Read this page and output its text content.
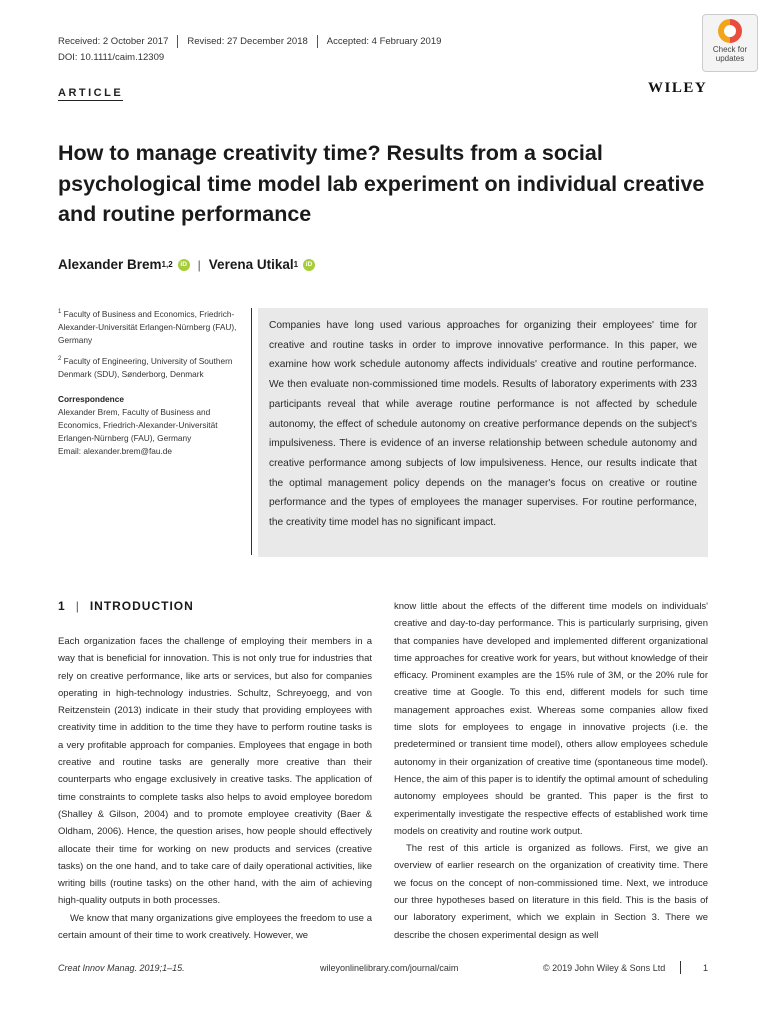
Received: 2 October 2017	Revised: 27 December 2018	Accepted: 4 February 2019
DOI: 10.1111/caim.12309
Check for
updates
ARTICLE	WILEY
How to manage creativity time? Results from a social psychological time model lab experiment on individual creative and routine performance
Alexander Brem 1,2	iD | Verena Utikal 1	iD

$^1$ Faculty of Business and Economics, Friedrich-Alexander-Universität Erlangen-Nürnberg (FAU), Germany

$^2$ Faculty of Engineering, University of Southern Denmark (SDU), Sønderborg, Denmark

Correspondence
Alexander Brem, Faculty of Business and Economics, Friedrich-Alexander-Universität Erlangen-Nürnberg (FAU), Germany
Email: alexander.brem@fau.de
Companies have long used various approaches for organizing their employees' time for creative and routine tasks in order to improve innovative performance. In this paper, we examine how work schedule autonomy affects individuals' creative and routine performance. We then evaluate non-commissioned time models. Results of laboratory experiments with 233 participants reveal that while average routine performance is not affected by schedule autonomy, the effect of schedule autonomy on creative performance depends on the subject's impulsiveness. There is evidence of an inverse relationship between schedule autonomy and creative performance among subjects of low impulsiveness. Hence, our results indicate that the optimal management policy depends on the manager's focus on creative or routine performance and the types of employees the manager supervises. For routine performance, the creativity time model has no significant impact.
1 | INTRODUCTION

Each organization faces the challenge of employing their members in a way that is beneficial for innovation. This is not only true for industries that rely on creative performance, like arts or services, but also for companies operating in high-technology industries. Schultz, Schreyoegg, and von Reitzenstein (2013) indicate in their study that providing employees with creativity time in addition to the time they have to perform routine tasks is a very profitable approach for companies. Employees that engage in both creative and routine tasks are generally more creative than their counterparts who engage exclusively in creative tasks. The application of time constraints to complete tasks also helps to avoid employee boredom (Shalley & Gilson, 2004) and to promote employee creativity (Baer & Oldham, 2006). Hence, the question arises, how people should effectively allocate their time for working on new products and services (creative tasks) on the one hand, and to take care of daily operational activities, like writing bills (routine tasks) on the other hand, with the aim of achieving high-quality outputs in both processes.

We know that many organizations give employees the freedom to use a certain amount of their time to work creatively. However, we

know little about the effects of the different time models on individuals' creative and day-to-day performance. This is particularly surprising, given that companies have developed and implemented different organizational time approaches for creative work for years, but without knowledge of their efficacy. Prominent examples are the 15% rule of 3M, or the 20% rule for creative time at Google. To this end, different models for such time management approaches exist. Whereas some companies allow fixed time slots for employees to engage in innovative projects (i.e. the predetermined or transient time model), others allow employees schedule autonomy in their organization of creative time (spontaneous time model). Hence, the aim of this paper is to identify the optimal amount of scheduling autonomy employees should be granted. This paper is the first to experimentally investigate the respective effects of established work time models on creativity and routine work output.

The rest of this article is organized as follows. First, we give an overview of earlier research on the organization of creativity time. There we focus on the concept of non-commissioned time. Next, we introduce our three hypotheses based on literature in this field. This is the basis of our laboratory experiment, which we explain in Section 3. There we describe the chosen experimental design as well

Creat Innov Manag. 2019;1–15.	wileyonlinelibrary.com/journal/caim	© 2019 John Wiley & Sons Ltd	1
